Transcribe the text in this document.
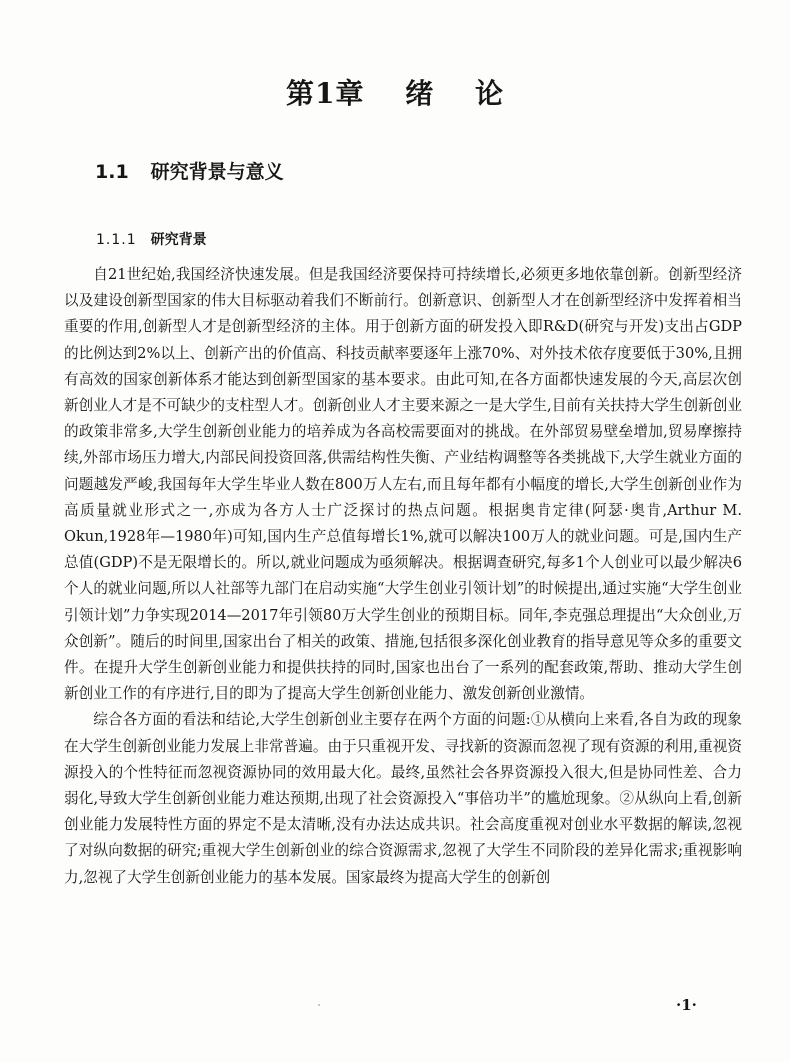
第1章 绪 论
1.1 研究背景与意义
1.1.1 研究背景

自21世纪始,我国经济快速发展。但是我国经济要保持可持续增长,必须更多地依靠创新。创新型经济以及建设创新型国家的伟大目标驱动着我们不断前行。创新意识、创新型人才在创新型经济中发挥着相当重要的作用,创新型人才是创新型经济的主体。用于创新方面的研发投入即R&D(研究与开发)支出占GDP的比例达到2%以上、创新产出的价值高、科技贡献率要逐年上涨70%、对外技术依存度要低于30%,且拥有高效的国家创新体系才能达到创新型国家的基本要求。由此可知,在各方面都快速发展的今天,高层次创新创业人才是不可缺少的支柱型人才。创新创业人才主要来源之一是大学生,目前有关扶持大学生创新创业的政策非常多,大学生创新创业能力的培养成为各高校需要面对的挑战。在外部贸易壁垒增加,贸易摩擦持续,外部市场压力增大,内部民间投资回落,供需结构性失衡、产业结构调整等各类挑战下,大学生就业方面的问题越发严峻,我国每年大学生毕业人数在800万人左右,而且每年都有小幅度的增长,大学生创新创业作为高质量就业形式之一,亦成为各方人士广泛探讨的热点问题。根据奥肯定律(阿瑟·奥肯,Arthur M. Okun,1928年—1980年)可知,国内生产总值每增长1%,就可以解决100万人的就业问题。可是,国内生产总值(GDP)不是无限增长的。所以,就业问题成为亟须解决。根据调查研究,每多1个人创业可以最少解决6个人的就业问题,所以人社部等九部门在启动实施“大学生创业引领计划”的时候提出,通过实施“大学生创业引领计划”力争实现2014—2017年引领80万大学生创业的预期目标。同年,李克强总理提出“大众创业,万众创新”。随后的时间里,国家出台了相关的政策、措施,包括很多深化创业教育的指导意见等众多的重要文件。在提升大学生创新创业能力和提供扶持的同时,国家也出台了一系列的配套政策,帮助、推动大学生创新创业工作的有序进行,目的即为了提高大学生创新创业能力、激发创新创业激情。

综合各方面的看法和结论,大学生创新创业主要存在两个方面的问题:①从横向上来看,各自为政的现象在大学生创新创业能力发展上非常普遍。由于只重视开发、寻找新的资源而忽视了现有资源的利用,重视资源投入的个性特征而忽视资源协同的效用最大化。最终,虽然社会各界资源投入很大,但是协同性差、合力弱化,导致大学生创新创业能力难达预期,出现了社会资源投入“事倍功半”的尴尬现象。②从纵向上看,创新创业能力发展特性方面的界定不是太清晰,没有办法达成共识。社会高度重视对创业水平数据的解读,忽视了对纵向数据的研究;重视大学生创新创业的综合资源需求,忽视了大学生不同阶段的差异化需求;重视影响力,忽视了大学生创新创业能力的基本发展。国家最终为提高大学生的创新创

·1·
